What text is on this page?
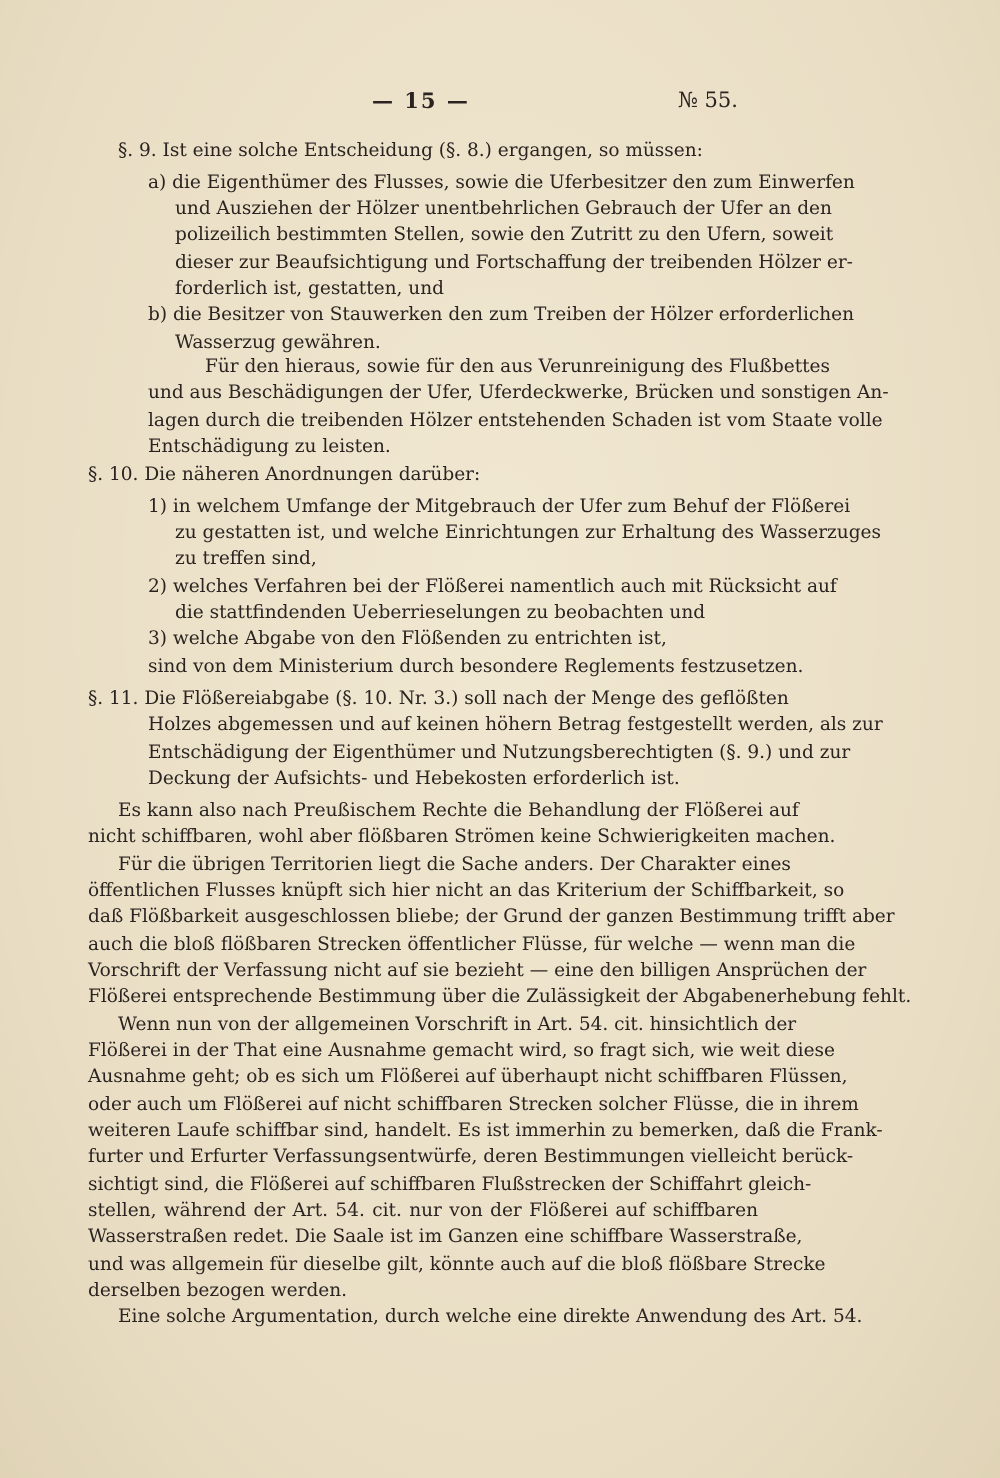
— 15 —	№ 55.
§. 9. Ist eine solche Entscheidung (§. 8.) ergangen, so müssen:
a) die Eigenthümer des Flusses, sowie die Uferbesitzer den zum Einwerfen
und Ausziehen der Hölzer unentbehrlichen Gebrauch der Ufer an den
polizeilich bestimmten Stellen, sowie den Zutritt zu den Ufern, soweit
dieser zur Beaufsichtigung und Fortschaffung der treibenden Hölzer er-
forderlich ist, gestatten, und
b) die Besitzer von Stauwerken den zum Treiben der Hölzer erforderlichen
Wasserzug gewähren.
Für den hieraus, sowie für den aus Verunreinigung des Flußbettes
und aus Beschädigungen der Ufer, Uferdeckwerke, Brücken und sonstigen An-
lagen durch die treibenden Hölzer entstehenden Schaden ist vom Staate volle
Entschädigung zu leisten.
§. 10. Die näheren Anordnungen darüber:
1) in welchem Umfange der Mitgebrauch der Ufer zum Behuf der Flößerei
zu gestatten ist, und welche Einrichtungen zur Erhaltung des Wasserzuges
zu treffen sind,
2) welches Verfahren bei der Flößerei namentlich auch mit Rücksicht auf
die stattfindenden Ueberrieselungen zu beobachten und
3) welche Abgabe von den Flößenden zu entrichten ist,
sind von dem Ministerium durch besondere Reglements festzusetzen.
§. 11. Die Flößereiabgabe (§. 10. Nr. 3.) soll nach der Menge des geflößten
Holzes abgemessen und auf keinen höhern Betrag festgestellt werden, als zur
Entschädigung der Eigenthümer und Nutzungsberechtigten (§. 9.) und zur
Deckung der Aufsichts- und Hebekosten erforderlich ist.
Es kann also nach Preußischem Rechte die Behandlung der Flößerei auf
nicht schiffbaren, wohl aber flößbaren Strömen keine Schwierigkeiten machen.
Für die übrigen Territorien liegt die Sache anders. Der Charakter eines
öffentlichen Flusses knüpft sich hier nicht an das Kriterium der Schiffbarkeit, so
daß Flößbarkeit ausgeschlossen bliebe; der Grund der ganzen Bestimmung trifft aber
auch die bloß flößbaren Strecken öffentlicher Flüsse, für welche — wenn man die
Vorschrift der Verfassung nicht auf sie bezieht — eine den billigen Ansprüchen der
Flößerei entsprechende Bestimmung über die Zulässigkeit der Abgabenerhebung fehlt.
Wenn nun von der allgemeinen Vorschrift in Art. 54. cit. hinsichtlich der
Flößerei in der That eine Ausnahme gemacht wird, so fragt sich, wie weit diese
Ausnahme geht; ob es sich um Flößerei auf überhaupt nicht schiffbaren Flüssen,
oder auch um Flößerei auf nicht schiffbaren Strecken solcher Flüsse, die in ihrem
weiteren Laufe schiffbar sind, handelt. Es ist immerhin zu bemerken, daß die Frank-
furter und Erfurter Verfassungsentwürfe, deren Bestimmungen vielleicht berück-
sichtigt sind, die Flößerei auf schiffbaren Flußstrecken der Schiffahrt gleich-
stellen, während der Art. 54. cit. nur von der Flößerei auf schiffbaren
Wasserstraßen redet. Die Saale ist im Ganzen eine schiffbare Wasserstraße,
und was allgemein für dieselbe gilt, könnte auch auf die bloß flößbare Strecke
derselben bezogen werden.
Eine solche Argumentation, durch welche eine direkte Anwendung des Art. 54.
